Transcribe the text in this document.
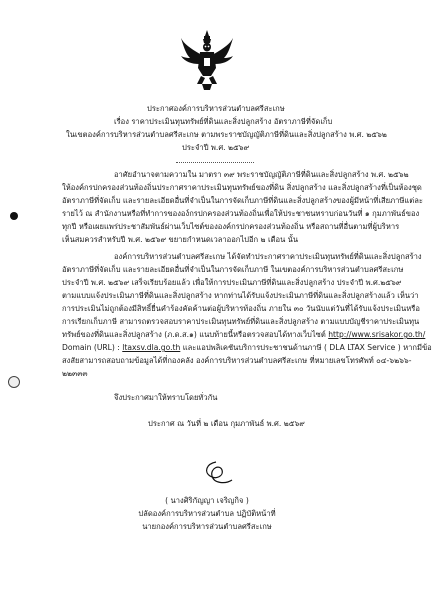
ประกาศองค์การบริหารส่วนตำบลศรีสะเกษ
เรื่อง ราคาประเมินทุนทรัพย์ที่ดินและสิ่งปลูกสร้าง อัตราภาษีที่จัดเก็บ
ในเขตองค์การบริหารส่วนตำบลศรีสะเกษ ตามพระราชบัญญัติภาษีที่ดินและสิ่งปลูกสร้าง พ.ศ. ๒๕๖๒
ประจำปี พ.ศ. ๒๕๖๙
อาศัยอำนาจตามความใน มาตรา ๓๙ พระราชบัญญัติภาษีที่ดินและสิ่งปลูกสร้าง พ.ศ. ๒๕๖๒
ให้องค์กรปกครองส่วนท้องถิ่นประกาศราคาประเมินทุนทรัพย์ของที่ดิน สิ่งปลูกสร้าง และสิ่งปลูกสร้างที่เป็นห้องชุด
อัตราภาษีที่จัดเก็บ และรายละเอียดอื่นที่จำเป็นในการจัดเก็บภาษีที่ดินและสิ่งปลูกสร้างของผู้มีหน้าที่เสียภาษีแต่ละ
รายไว้ ณ สำนักงานหรือที่ทำการขององ์กรปกครองส่วนท้องถิ่นเพื่อให้ประชาชนทราบก่อนวันที่ ๑ กุมภาพันธ์ของ
ทุกปี หรือเผยแพร่ประชาสัมพันธ์ผ่านเว็บไซต์ขององค์กรปกครองส่วนท้องถิ่น หรือสถานที่อื่นตามที่ผู้บริหาร
เห็นสมควรสำหรับปี พ.ศ. ๒๕๖๙ ขยายกำหนดเวลาออกไปอีก ๒ เดือน นั้น
องค์การบริหารส่วนตำบลศรีสะเกษ ได้จัดทำประกาศราคาประเมินทุนทรัพย์ที่ดินและสิ่งปลูกสร้าง
อัตราภาษีที่จัดเก็บ และรายละเอียดอื่นที่จำเป็นในการจัดเก็บภาษี ในเขตองค์การบริหารส่วนตำบลศรีสะเกษ
ประจำปี พ.ศ. ๒๕๖๙ เสร็จเรียบร้อยแล้ว เพื่อให้การประเมินภาษีที่ดินและสิ่งปลูกสร้าง ประจำปี พ.ศ.๒๕๖๙
ตามแบบแจ้งประเมินภาษีที่ดินและสิ่งปลูกสร้าง หากท่านได้รับแจ้งประเมินภาษีที่ดินและสิ่งปลูกสร้างแล้ว เห็นว่า
การประเมินไม่ถูกต้องมีสิทธิ์ยื่นคำร้องคัดค้านต่อผู้บริหารท้องถิ่น ภายใน ๓๐ วันนับแต่วันที่ได้รับแจ้งประเมินหรือ
การเรียกเก็บภาษี สามารถตรวจสอบราคาประเมินทุนทรัพย์ที่ดินและสิ่งปลูกสร้าง ตามแบบบัญชีราคาประเมินทุน
ทรัพย์ของที่ดินและสิ่งปลูกสร้าง (ภ.ด.ส.๑) แนบท้ายนี้หรือตรวจสอบได้ทางเว็บไซต์ http://www.srisakor.go.th/
Domain (URL) : ltaxsv.dla.go.th และแอปพลิเคชันบริการประชาชนด้านภาษี ( DLA LTAX Service ) หากมีข้อ
สงสัยสามารถสอบถามข้อมูลได้ที่กองคลัง องค์การบริหารส่วนตำบลศรีสะเกษ ที่หมายเลขโทรศัพท์ ๐๔-๖๒๖๖-
๒๒๓๓๓
จึงประกาศมาให้ทราบโดยทั่วกัน
ประกาศ ณ วันที่ ๒ เดือน กุมภาพันธ์ พ.ศ. ๒๕๖๙
( นางศิริกัญญา เจริญกิจ )
ปลัดองค์การบริหารส่วนตำบล ปฏิบัติหน้าที่
นายกองค์การบริหารส่วนตำบลศรีสะเกษ
